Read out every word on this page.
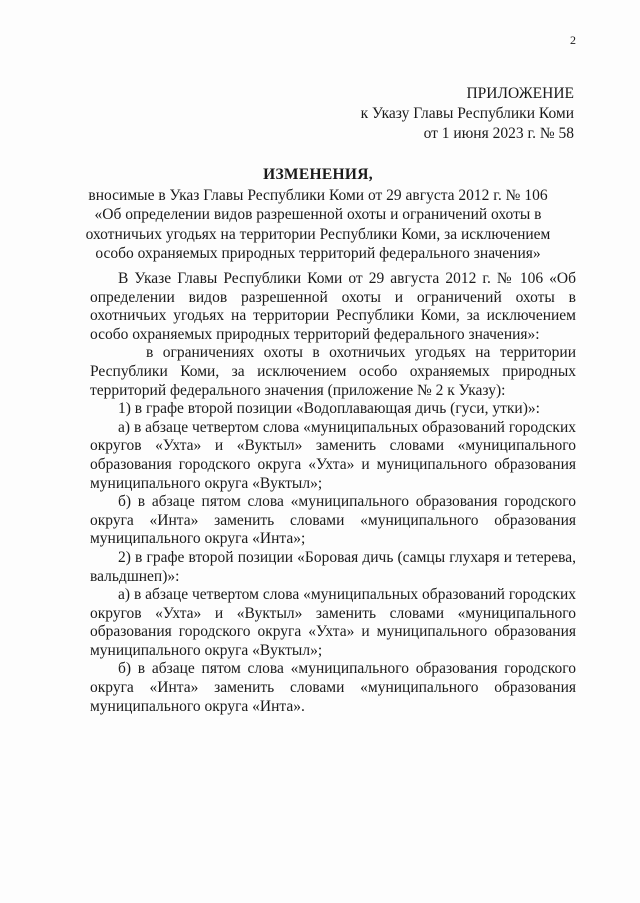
2
ПРИЛОЖЕНИЕ
к Указу Главы Республики Коми
от 1 июня 2023 г. № 58
ИЗМЕНЕНИЯ,
вносимые в Указ Главы Республики Коми от 29 августа 2012 г. № 106
«Об определении видов разрешенной охоты и ограничений охоты в
охотничьих угодьях на территории Республики Коми, за исключением
особо охраняемых природных территорий федерального значения»

В Указе Главы Республики Коми от 29 августа 2012 г. № 106 «Об определении видов разрешенной охоты и ограничений охоты в охотничьих угодьях на территории Республики Коми, за исключением особо охраняемых природных территорий федерального значения»:

в ограничениях охоты в охотничьих угодьях на территории Республики Коми, за исключением особо охраняемых природных территорий федерального значения (приложение № 2 к Указу):

1) в графе второй позиции «Водоплавающая дичь (гуси, утки)»:

а) в абзаце четвертом слова «муниципальных образований городских округов «Ухта» и «Вуктыл» заменить словами «муниципального образования городского округа «Ухта» и муниципального образования муниципального округа «Вуктыл»;

б) в абзаце пятом слова «муниципального образования городского округа «Инта» заменить словами «муниципального образования муниципального округа «Инта»;

2) в графе второй позиции «Боровая дичь (самцы глухаря и тетерева, вальдшнеп)»:

а) в абзаце четвертом слова «муниципальных образований городских округов «Ухта» и «Вуктыл» заменить словами «муниципального образования городского округа «Ухта» и муниципального образования муниципального округа «Вуктыл»;

б) в абзаце пятом слова «муниципального образования городского округа «Инта» заменить словами «муниципального образования муниципального округа «Инта».
